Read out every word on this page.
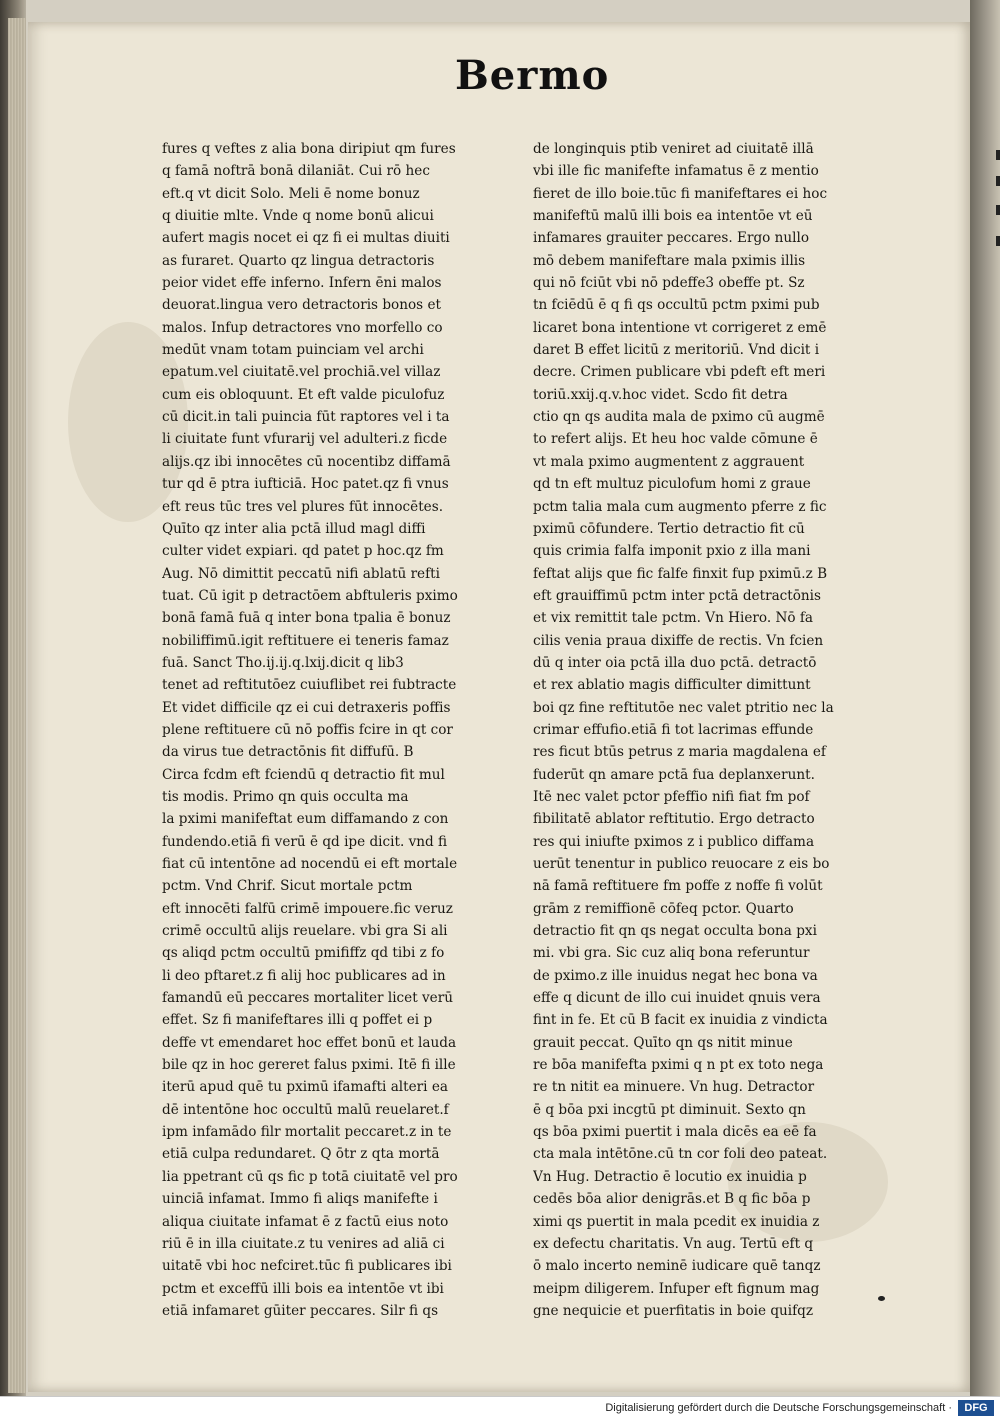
Bermo
fures q veftes z alia bona diripiut qm fures
q famā noftrā bonā dilaniāt. Cui rō hec
eft.q vt dicit Solo. Meli ē nome bonuz
q diuitie mlte. Vnde q nome bonū alicui
aufert magis nocet ei qz fi ei multas diuiti
as furaret. Quarto qz lingua detractoris
peior videt effe inferno. Infern ēni malos
deuorat.lingua vero detractoris bonos et
malos. Infup detractores vno morfello co
medūt vnam totam puinciam vel archi
epatum.vel ciuitatē.vel prochiā.vel villaz
cum eis obloquunt. Et eft valde piculofuz
cū dicit.in tali puincia fūt raptores vel i ta
li ciuitate funt vfurarij vel adulteri.z ficde
alijs.qz ibi innocētes cū nocentibz diffamā
tur qd ē ptra iufticiā. Hoc patet.qz fi vnus
eft reus tūc tres vel plures fūt innocētes.
Quīto qz inter alia pctā illud magl diffi
culter videt expiari. qd patet p hoc.qz fm
Aug. Nō dimittit peccatū nifi ablatū refti
tuat. Cū igit p detractōem abftuleris pximo
bonā famā fuā q inter bona tpalia ē bonuz
nobiliffimū.igit reftituere ei teneris famaz
fuā. Sanct Tho.ij.ij.q.lxij.dicit q lib3
tenet ad reftitutōez cuiuflibet rei fubtracte
Et videt difficile qz ei cui detraxeris poffis
plene reftituere cū nō poffis fcire in qt cor
da virus tue detractōnis fit diffufū. B
Circa fcdm eft fciendū q detractio fit mul
tis modis. Primo qn quis occulta ma
la pximi manifeftat eum diffamando z con
fundendo.etiā fi verū ē qd ipe dicit. vnd fi
fiat cū intentōne ad nocendū ei eft mortale
pctm. Vnd Chrif. Sicut mortale pctm
eft innocēti falfū crimē impouere.fic veruz
crimē occultū alijs reuelare. vbi gra Si ali
qs aliqd pctm occultū pmififfz qd tibi z fo
li deo pftaret.z fi alij hoc publicares ad in
famandū eū peccares mortaliter licet verū
effet. Sz fi manifeftares illi q poffet ei p
deffe vt emendaret hoc effet bonū et lauda
bile qz in hoc gereret falus pximi. Itē fi ille
iterū apud quē tu pximū ifamafti alteri ea
dē intentōne hoc occultū malū reuelaret.f
ipm infamādo filr mortalit peccaret.z in te
etiā culpa redundaret. Q ōtr z qta mortā
lia ppetrant cū qs fic p totā ciuitatē vel pro
uinciā infamat. Immo fi aliqs manifefte i
aliqua ciuitate infamat ē z factū eius noto
riū ē in illa ciuitate.z tu venires ad aliā ci
uitatē vbi hoc nefciret.tūc fi publicares ibi
pctm et exceffū illi bois ea intentōe vt ibi
etiā infamaret gūiter peccares. Silr fi qs
de longinquis ptib veniret ad ciuitatē illā
vbi ille fic manifefte infamatus ē z mentio
fieret de illo boie.tūc fi manifeftares ei hoc
manifeftū malū illi bois ea intentōe vt eū
infamares grauiter peccares. Ergo nullo
mō debem manifeftare mala pximis illis
qui nō fciūt vbi nō pdeffe3 obeffe pt. Sz
tn fciēdū ē q fi qs occultū pctm pximi pub
licaret bona intentione vt corrigeret z emē
daret B effet licitū z meritoriū. Vnd dicit i
decre. Crimen publicare vbi pdeft eft meri
toriū.xxij.q.v.hoc videt. Scdo fit detra
ctio qn qs audita mala de pximo cū augmē
to refert alijs. Et heu hoc valde cōmune ē
vt mala pximo augmentent z aggrauent
qd tn eft multuz piculofum homi z graue
pctm talia mala cum augmento pferre z fic
pximū cōfundere. Tertio detractio fit cū
quis crimia falfa imponit pxio z illa mani
feftat alijs que fic falfe finxit fup pximū.z B
eft grauiffimū pctm inter pctā detractōnis
et vix remittit tale pctm. Vn Hiero. Nō fa
cilis venia praua dixiffe de rectis. Vn fcien
dū q inter oia pctā illa duo pctā. detractō
et rex ablatio magis difficulter dimittunt
boi qz fine reftitutōe nec valet ptritio nec la
crimar effufio.etiā fi tot lacrimas effunde
res ficut btūs petrus z maria magdalena ef
fuderūt qn amare pctā fua deplanxerunt.
Itē nec valet pctor pfeffio nifi fiat fm pof
fibilitatē ablator reftitutio. Ergo detracto
res qui iniufte pximos z i publico diffama
uerūt tenentur in publico reuocare z eis bo
nā famā reftituere fm poffe z noffe fi volūt
grām z remiffionē cōfeq pctor. Quarto
detractio fit qn qs negat occulta bona pxi
mi. vbi gra. Sic cuz aliq bona referuntur
de pximo.z ille inuidus negat hec bona va
effe q dicunt de illo cui inuidet qnuis vera
fint in fe. Et cū B facit ex inuidia z vindicta
grauit peccat. Quīto qn qs nitit minue
re bōa manifefta pximi q n pt ex toto nega
re tn nitit ea minuere. Vn hug. Detractor
ē q bōa pxi incgtū pt diminuit. Sexto qn
qs bōa pximi puertit i mala dicēs ea eē fa
cta mala intētōne.cū tn cor foli deo pateat.
Vn Hug. Detractio ē locutio ex inuidia p
cedēs bōa alior denigrās.et B q fic bōa p
ximi qs puertit in mala pcedit ex inuidia z
ex defectu charitatis. Vn aug. Tertū eft q
ō malo incerto neminē iudicare quē tanqz
meipm diligerem. Infuper eft fignum mag
gne nequicie et puerfitatis in boie quifqz
Digitalisierung gefördert durch die Deutsche Forschungsgemeinschaft ·	DFG
